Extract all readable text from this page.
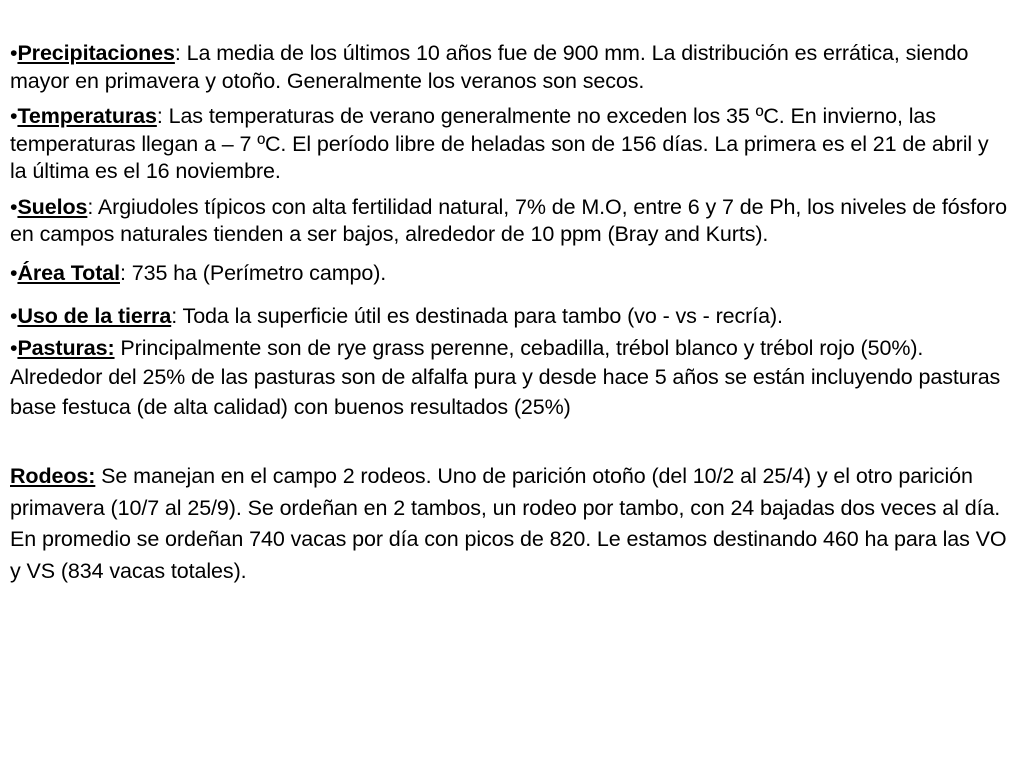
•Precipitaciones: La media de los últimos 10 años fue de 900 mm. La distribución es errática, siendo mayor en primavera y otoño. Generalmente los veranos son secos.

•Temperaturas: Las temperaturas de verano generalmente no exceden los 35 ºC. En invierno, las temperaturas llegan a – 7 ºC. El período libre de heladas son de 156 días. La primera es el 21 de abril y la última es el 16 noviembre.

•Suelos: Argiudoles típicos con alta fertilidad natural, 7% de M.O, entre 6 y 7 de Ph, los niveles de fósforo en campos naturales tienden a ser bajos, alrededor de 10 ppm (Bray and Kurts).

•Área Total: 735 ha (Perímetro campo).

•Uso de la tierra: Toda la superficie útil es destinada para tambo (vo - vs - recría).

•Pasturas: Principalmente son de rye grass perenne, cebadilla, trébol blanco y trébol rojo (50%). Alrededor del 25% de las pasturas son de alfalfa pura y desde hace 5 años se están incluyendo pasturas base festuca (de alta calidad) con buenos resultados (25%)

Rodeos: Se manejan en el campo 2 rodeos. Uno de parición otoño (del 10/2 al 25/4) y el otro parición primavera (10/7 al 25/9). Se ordeñan en 2 tambos, un rodeo por tambo, con 24 bajadas dos veces al día. En promedio se ordeñan 740 vacas por día con picos de 820. Le estamos destinando 460 ha para las VO y VS (834 vacas totales).
